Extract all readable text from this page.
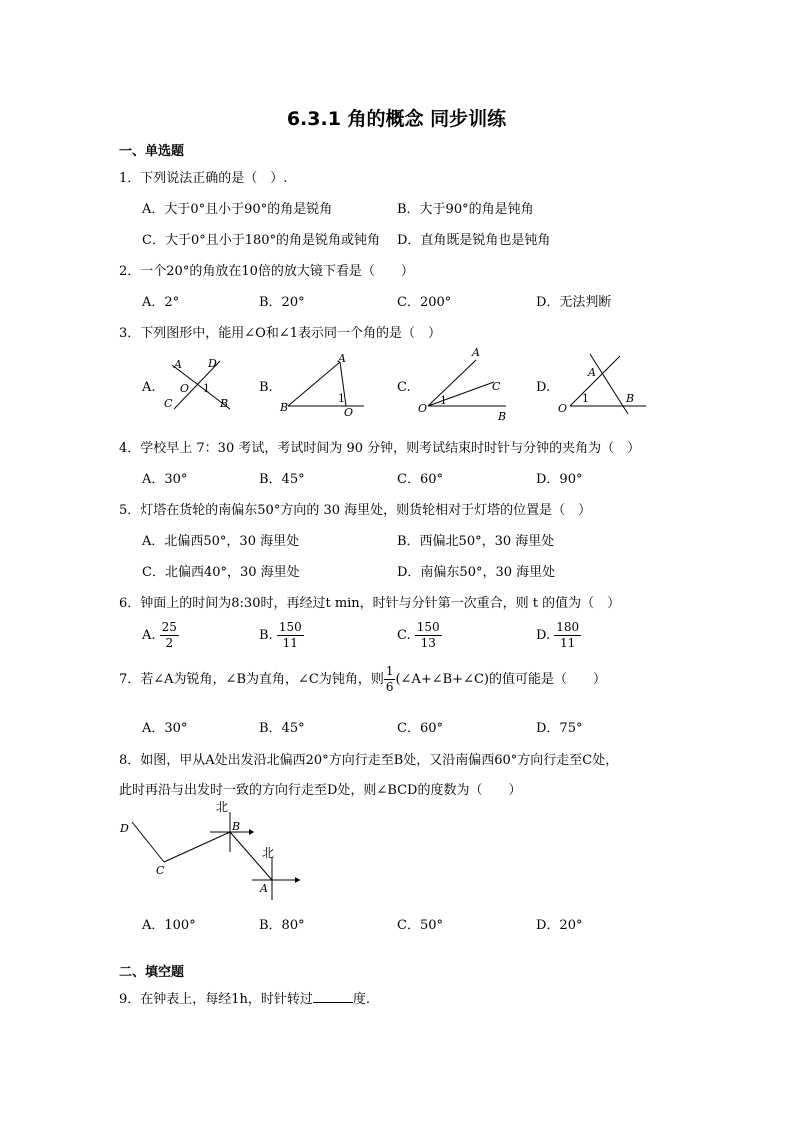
6.3.1 角的概念 同步训练
一、单选题
1．下列说法正确的是（　）.
A．大于0°且小于90°的角是锐角	B．大于90°的角是钝角
C．大于0°且小于180°的角是锐角或钝角 D．直角既是锐角也是钝角
2．一个20°的角放在10倍的放大镜下看是（　　）
A．2°	B．20°	C．200°	D．无法判断
3．下列图形中，能用∠O和∠1表示同一个角的是（　）
A.	B.	C.	D.
A D
O 1
C	B
A
B
1
O
A
C
O
1
B
A
O
1	B
4．学校早上 7：30 考试，考试时间为 90 分钟，则考试结束时时针与分钟的夹角为（　）
A．30°	B．45°	C．60°	D．90°
5．灯塔在货轮的南偏东50°方向的 30 海里处，则货轮相对于灯塔的位置是（　）
A．北偏西50°，30 海里处	B．西偏北50°，30 海里处
C．北偏西40°，30 海里处	D．南偏东50°，30 海里处
6．钟面上的时间为8:30时，再经过t min，时针与分针第一次重合，则 t 的值为（　）
A. $\frac{25}{2}$	B. $\frac{150}{11}$	C. $\frac{150}{13}$	D. $\frac{180}{11}$
7．若∠A为锐角，∠B为直角，∠C为钝角，则 $\frac{1}{6}$ (∠A+∠B+∠C)的值可能是（　　）
A．30°	B．45°	C．60°	D．75°
8．如图，甲从A处出发沿北偏西20°方向行走至B处，又沿南偏西60°方向行走至C处，
此时再沿与出发时一致的方向行走至D处，则∠BCD的度数为（　　）
北
北
D
C
B
A
A．100°	B．80°	C．50°	D．20°
二、填空题
9．在钟表上，每经1h，时针转过	度.
